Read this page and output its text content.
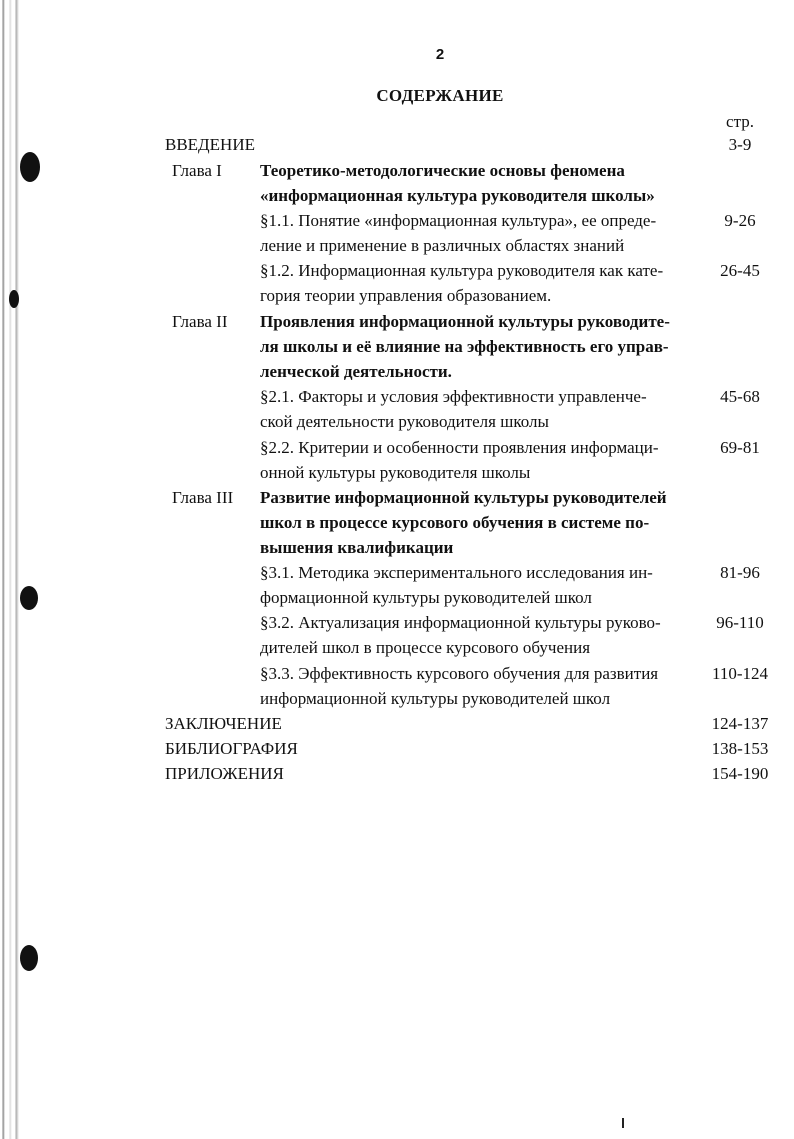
2
СОДЕРЖАНИЕ
стр.
ВВЕДЕНИЕ	3-9
Глава I	Теоретико-методологические основы феномена
«информационная культура руководителя школы»
§1.1. Понятие «информационная культура», ее опреде-	9-26
ление и применение в различных областях знаний
§1.2. Информационная культура руководителя как кате-	26-45
гория теории управления образованием.
Глава II	Проявления информационной культуры руководите-
ля школы и её влияние на эффективность его управ-
ленческой деятельности.
§2.1. Факторы и условия эффективности управленче-	45-68
ской деятельности руководителя школы
§2.2. Критерии и особенности проявления информаци-	69-81
онной культуры руководителя школы
Глава III	Развитие информационной культуры руководителей
школ в процессе курсового обучения в системе по-
вышения квалификации
§3.1. Методика экспериментального исследования ин-	81-96
формационной культуры руководителей школ
§3.2. Актуализация информационной культуры руково-	96-110
дителей школ в процессе курсового обучения
§3.3. Эффективность курсового обучения для развития	110-124
информационной культуры руководителей школ
ЗАКЛЮЧЕНИЕ	124-137
БИБЛИОГРАФИЯ	138-153
ПРИЛОЖЕНИЯ	154-190
